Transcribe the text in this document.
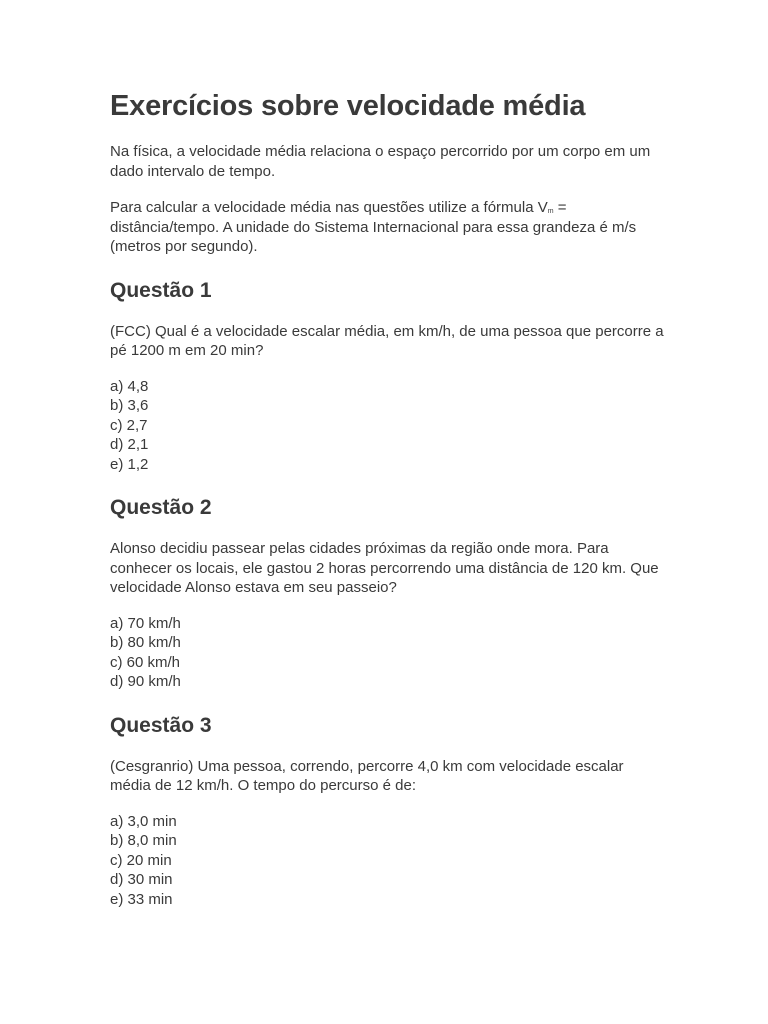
Exercícios sobre velocidade média

Na física, a velocidade média relaciona o espaço percorrido por um corpo em um dado intervalo de tempo.

Para calcular a velocidade média nas questões utilize a fórmula $V_m$ = distância/tempo. A unidade do Sistema Internacional para essa grandeza é m/s (metros por segundo).

Questão 1

(FCC) Qual é a velocidade escalar média, em km/h, de uma pessoa que percorre a pé 1200 m em 20 min?

a) 4,8
b) 3,6
c) 2,7
d) 2,1
e) 1,2
Questão 2

Alonso decidiu passear pelas cidades próximas da região onde mora. Para conhecer os locais, ele gastou 2 horas percorrendo uma distância de 120 km. Que velocidade Alonso estava em seu passeio?

a) 70 km/h
b) 80 km/h
c) 60 km/h
d) 90 km/h
Questão 3

(Cesgranrio) Uma pessoa, correndo, percorre 4,0 km com velocidade escalar média de 12 km/h. O tempo do percurso é de:

a) 3,0 min
b) 8,0 min
c) 20 min
d) 30 min
e) 33 min
